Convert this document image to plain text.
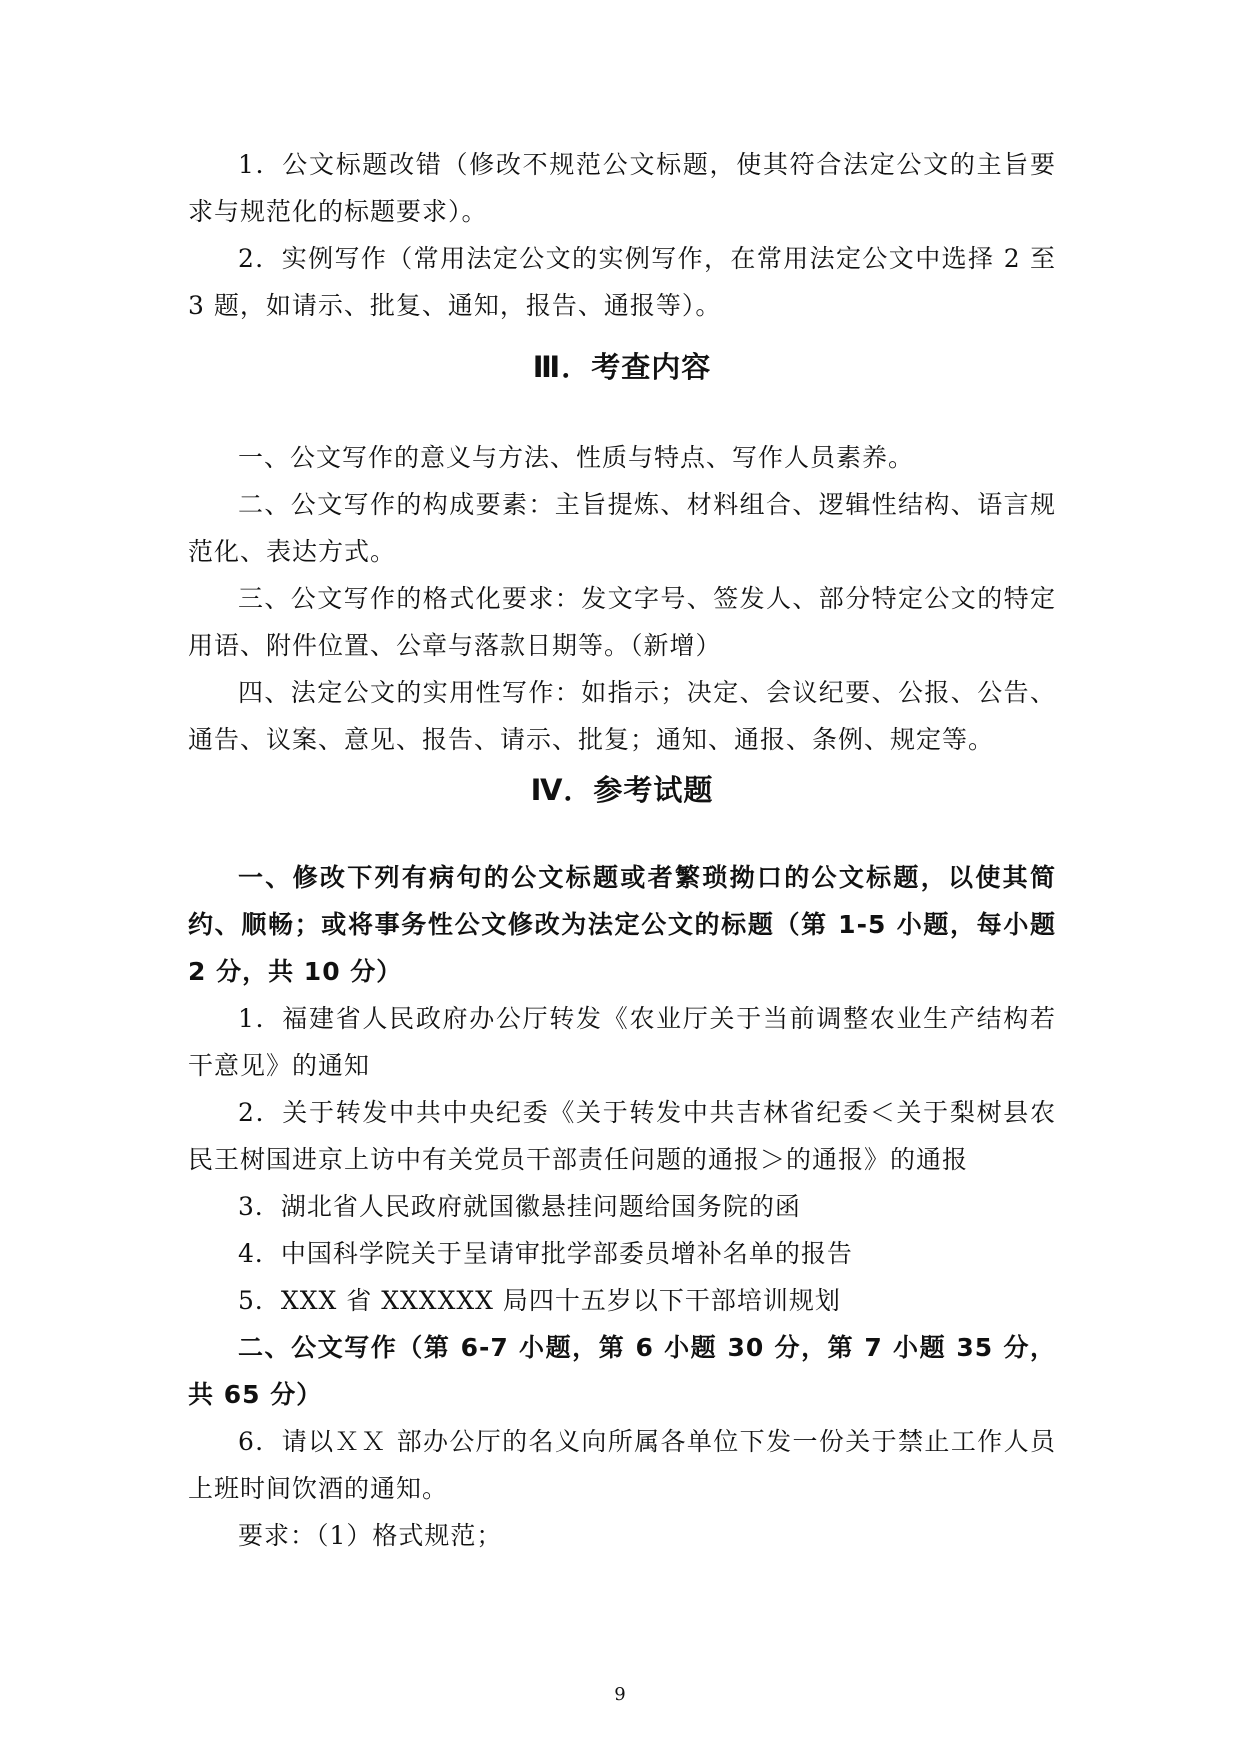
1．公文标题改错（修改不规范公文标题，使其符合法定公文的主旨要求与规范化的标题要求）。

2．实例写作（常用法定公文的实例写作，在常用法定公文中选择 2 至 3 题，如请示、批复、通知，报告、通报等）。

Ⅲ．考查内容

一、公文写作的意义与方法、性质与特点、写作人员素养。

二、公文写作的构成要素：主旨提炼、材料组合、逻辑性结构、语言规范化、表达方式。

三、公文写作的格式化要求：发文字号、签发人、部分特定公文的特定用语、附件位置、公章与落款日期等。（新增）

四、法定公文的实用性写作：如指示；决定、会议纪要、公报、公告、通告、议案、意见、报告、请示、批复；通知、通报、条例、规定等。

Ⅳ．参考试题

一、修改下列有病句的公文标题或者繁琐拗口的公文标题，以使其简约、顺畅；或将事务性公文修改为法定公文的标题（第 1-5 小题，每小题 2 分，共 10 分）

1．福建省人民政府办公厅转发《农业厅关于当前调整农业生产结构若干意见》的通知

2．关于转发中共中央纪委《关于转发中共吉林省纪委＜关于梨树县农民王树国进京上访中有关党员干部责任问题的通报＞的通报》的通报

3．湖北省人民政府就国徽悬挂问题给国务院的函

4．中国科学院关于呈请审批学部委员增补名单的报告

5．XXX 省 XXXXXX 局四十五岁以下干部培训规划

二、公文写作（第 6-7 小题，第 6 小题 30 分，第 7 小题 35 分，共 65 分）

6．请以ＸＸ 部办公厅的名义向所属各单位下发一份关于禁止工作人员上班时间饮酒的通知。

要求：（1）格式规范；

9
